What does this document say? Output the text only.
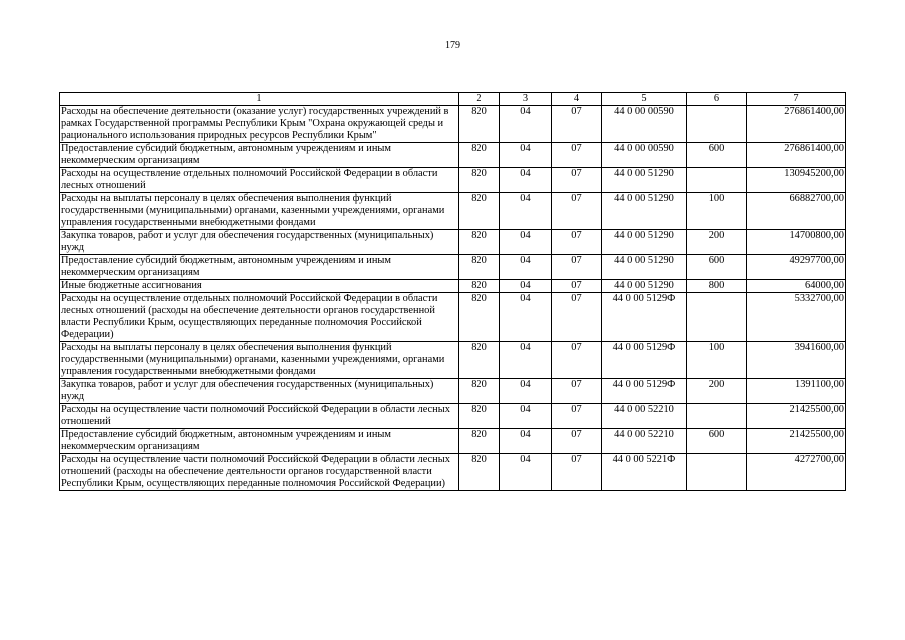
179
1	2	3	4	5	6	7
Расходы на обеспечение деятельности (оказание услуг) государственных учреждений в рамках Государственной программы Республики Крым "Охрана окружающей среды и рационального использования природных ресурсов Республики Крым"	820	04	07	44 0 00 00590		276861400,00
Предоставление субсидий бюджетным, автономным учреждениям и иным некоммерческим организациям	820	04	07	44 0 00 00590	600	276861400,00
Расходы на осуществление отдельных полномочий Российской Федерации в области лесных отношений	820	04	07	44 0 00 51290		130945200,00
Расходы на выплаты персоналу в целях обеспечения выполнения функций государственными (муниципальными) органами, казенными учреждениями, органами управления государственными внебюджетными фондами	820	04	07	44 0 00 51290	100	66882700,00
Закупка товаров, работ и услуг для обеспечения государственных (муниципальных) нужд	820	04	07	44 0 00 51290	200	14700800,00
Предоставление субсидий бюджетным, автономным учреждениям и иным некоммерческим организациям	820	04	07	44 0 00 51290	600	49297700,00
Иные бюджетные ассигнования	820	04	07	44 0 00 51290	800	64000,00
Расходы на осуществление отдельных полномочий Российской Федерации в области лесных отношений (расходы на обеспечение деятельности органов государственной власти Республики Крым, осуществляющих переданные полномочия Российской Федерации)	820	04	07	44 0 00 5129Ф		5332700,00
Расходы на выплаты персоналу в целях обеспечения выполнения функций государственными (муниципальными) органами, казенными учреждениями, органами управления государственными внебюджетными фондами	820	04	07	44 0 00 5129Ф	100	3941600,00
Закупка товаров, работ и услуг для обеспечения государственных (муниципальных) нужд	820	04	07	44 0 00 5129Ф	200	1391100,00
Расходы на осуществление части полномочий Российской Федерации в области лесных отношений	820	04	07	44 0 00 52210		21425500,00
Предоставление субсидий бюджетным, автономным учреждениям и иным некоммерческим организациям	820	04	07	44 0 00 52210	600	21425500,00
Расходы на осуществление части полномочий Российской Федерации в области лесных отношений (расходы на обеспечение деятельности органов государственной власти Республики Крым, осуществляющих переданные полномочия Российской Федерации)	820	04	07	44 0 00 5221Ф		4272700,00
